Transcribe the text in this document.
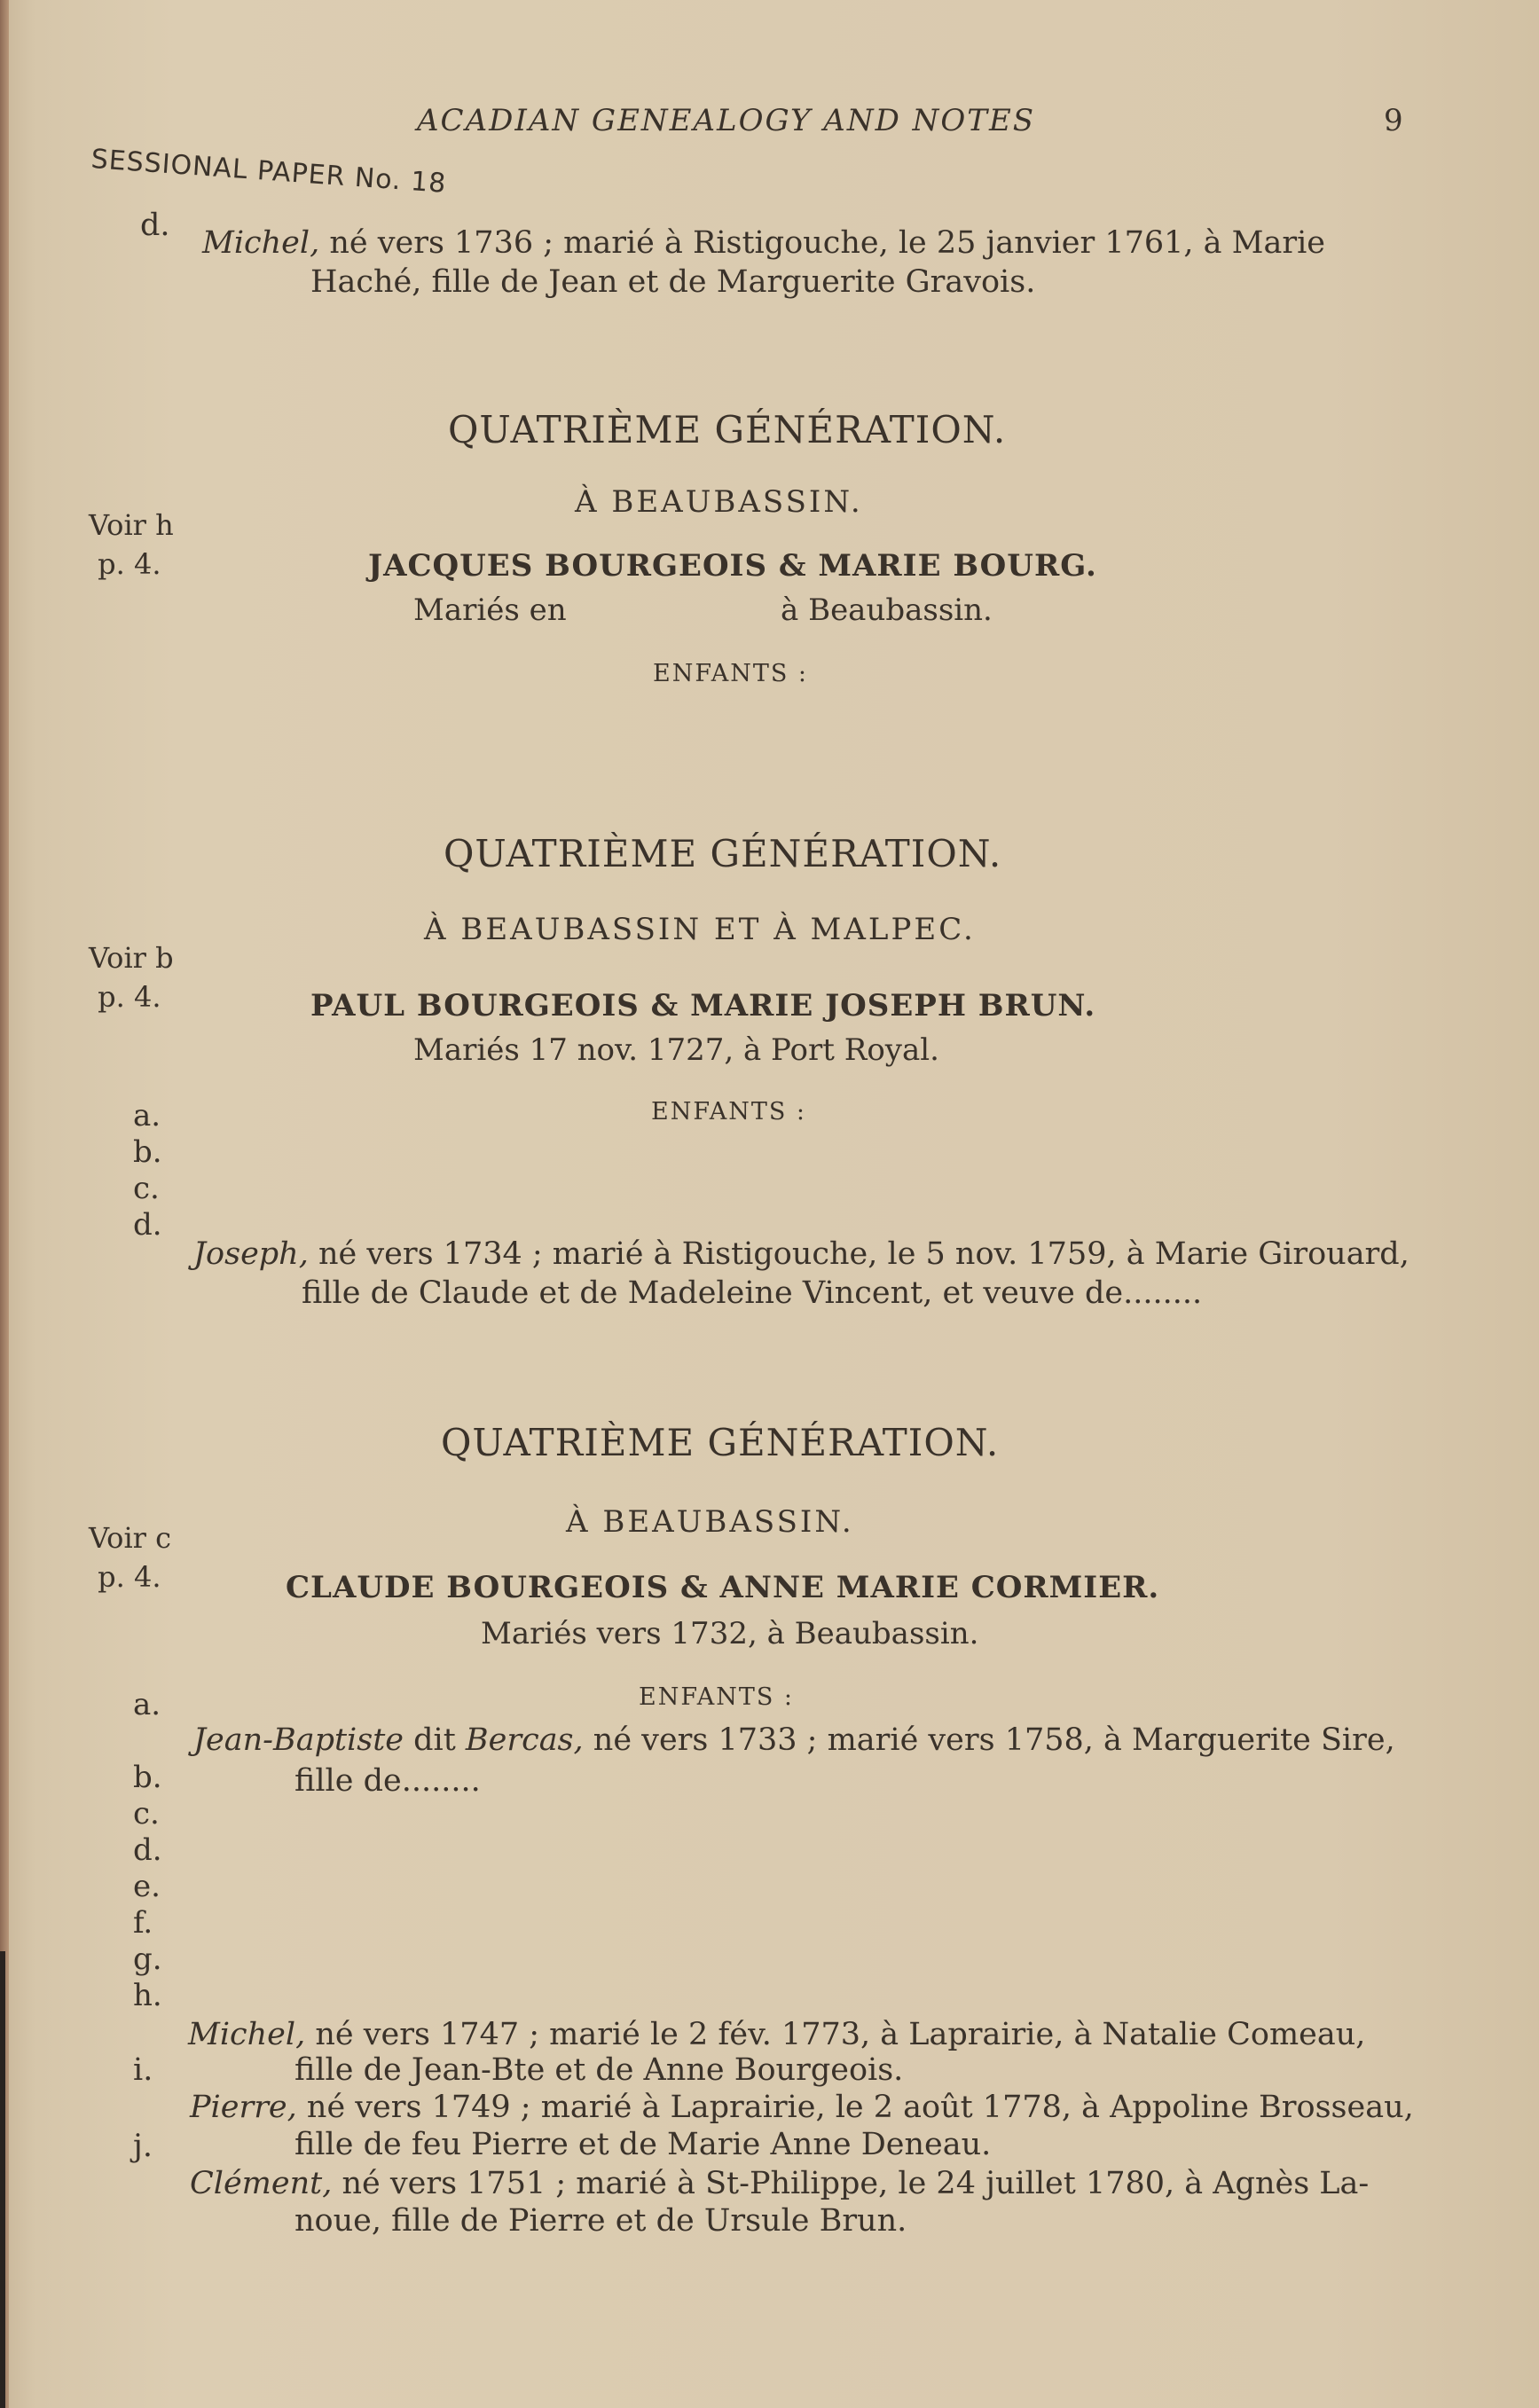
ACADIAN GENEALOGY AND NOTES	9
SESSIONAL PAPER No. 18
d. Michel, né vers 1736 ; marié à Ristigouche, le 25 janvier 1761, à Marie
Haché, fille de Jean et de Marguerite Gravois.
QUATRIÈME GÉNÉRATION.
À BEAUBASSIN.
Voir h
p. 4.	JACQUES BOURGEOIS & MARIE BOURG.
Mariés en	à Beaubassin.
ENFANTS :
QUATRIÈME GÉNÉRATION.
À BEAUBASSIN ET À MALPEC.
Voir b
p. 4.	PAUL BOURGEOIS & MARIE JOSEPH BRUN.
Mariés 17 nov. 1727, à Port Royal.
ENFANTS :
a.
b.
c.
d.
Joseph, né vers 1734 ; marié à Ristigouche, le 5 nov. 1759, à Marie Girouard,
fille de Claude et de Madeleine Vincent, et veuve de........
QUATRIÈME GÉNÉRATION.
À BEAUBASSIN.
Voir c
p. 4.	CLAUDE BOURGEOIS & ANNE MARIE CORMIER.
Mariés vers 1732, à Beaubassin.
ENFANTS :
a.

b.
c.
d.
e.
f.
g.
h.
Jean-Baptiste dit Bercas, né vers 1733 ; marié vers 1758, à Marguerite Sire,
fille de........
Michel, né vers 1747 ; marié le 2 fév. 1773, à Laprairie, à Natalie Comeau,
fille de Jean-Bte et de Anne Bourgeois.
i.
Pierre, né vers 1749 ; marié à Laprairie, le 2 août 1778, à Appoline Brosseau,
fille de feu Pierre et de Marie Anne Deneau.
j.
Clément, né vers 1751 ; marié à St-Philippe, le 24 juillet 1780, à Agnès La-
noue, fille de Pierre et de Ursule Brun.
